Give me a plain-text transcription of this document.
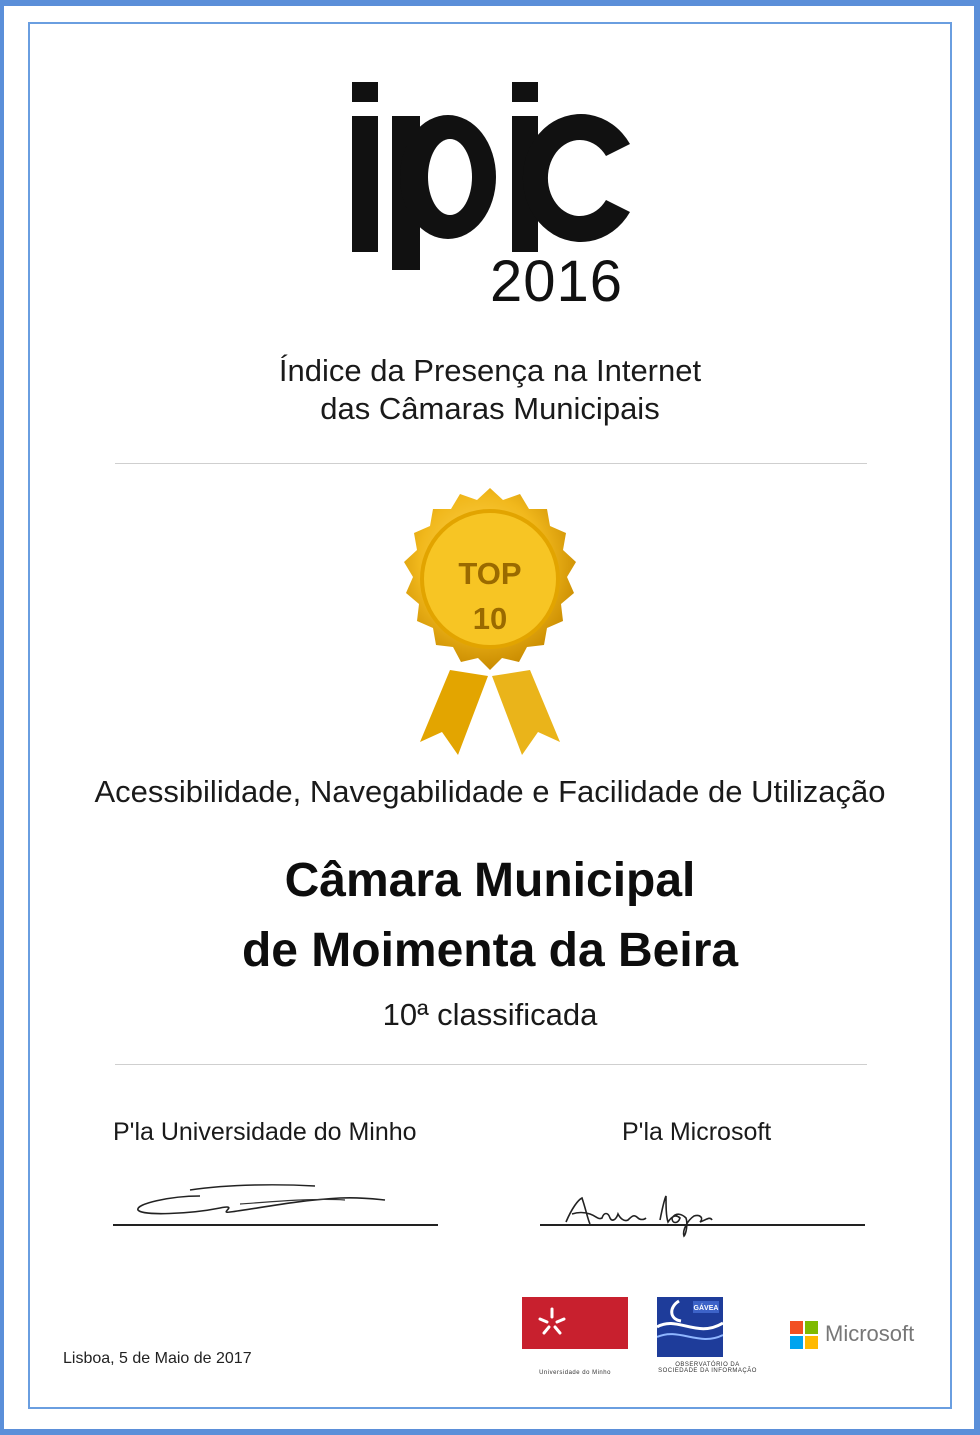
2016
Índice da Presença na Internet
das Câmaras Municipais
TOP
10
Acessibilidade, Navegabilidade e Facilidade de Utilização
Câmara Municipal
de Moimenta da Beira
10ª classificada
P'la Universidade do Minho	P'la Microsoft
Lisboa, 5 de Maio de 2017
Universidade do Minho
GÁVEA
OBSERVATÓRIO DA
SOCIEDADE DA INFORMAÇÃO
Microsoft
